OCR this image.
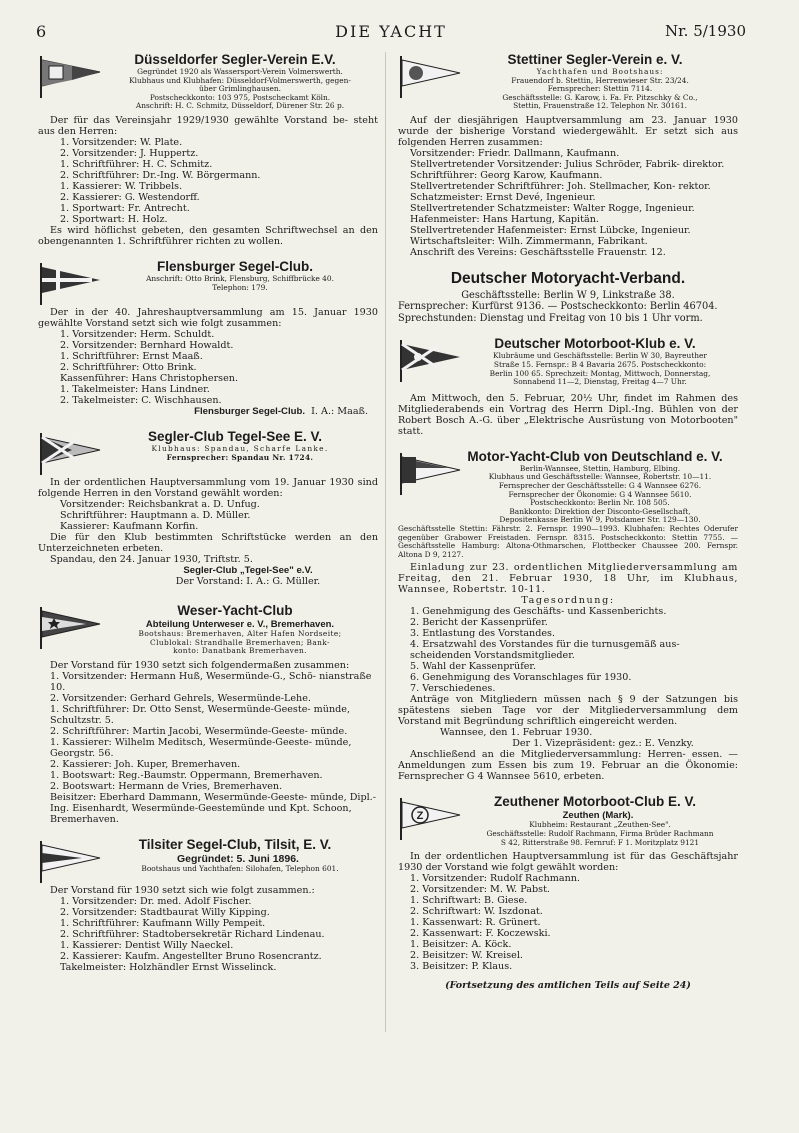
6	DIE YACHT	Nr. 5/1930
Düsseldorfer Segler-Verein E.V.
Gegründet 1920 als Wassersport-Verein Volmerswerth.
Klubhaus und Klubhafen: Düsseldorf-Volmerswerth, gegen-
über Grimlinghausen.
Postscheckkonto: 103 975, Postscheckamt Köln.
Anschrift: H. C. Schmitz, Düsseldorf, Dürener Str. 26 p.
Der für das Vereinsjahr 1929/1930 gewählte Vorstand be- steht aus den Herren:
1. Vorsitzender: W. Plate.
2. Vorsitzender: J. Huppertz.
1. Schriftführer: H. C. Schmitz.
2. Schriftführer: Dr.-Ing. W. Börgermann.
1. Kassierer: W. Tribbels.
2. Kassierer: G. Westendorff.
1. Sportwart: Fr. Antrecht.
2. Sportwart: H. Holz.
Es wird höflichst gebeten, den gesamten Schriftwechsel an den obengenannten 1. Schriftführer richten zu wollen.
Flensburger Segel-Club.
Anschrift: Otto Brink, Flensburg, Schiffbrücke 40.
Telephon: 179.
Der in der 40. Jahreshauptversammlung am 15. Januar 1930 gewählte Vorstand setzt sich wie folgt zusammen:
1. Vorsitzender: Herm. Schuldt.
2. Vorsitzender: Bernhard Howaldt.
1. Schriftführer: Ernst Maaß.
2. Schriftführer: Otto Brink.
Kassenführer: Hans Christophersen.
1. Takelmeister: Hans Lindner.
2. Takelmeister: C. Wischhausen.
Flensburger Segel-Club. I. A.: Maaß.
Segler-Club Tegel-See E. V.
Klubhaus: Spandau, Scharfe Lanke.
Fernsprecher: Spandau Nr. 1724.
In der ordentlichen Hauptversammlung vom 19. Januar 1930 sind folgende Herren in den Vorstand gewählt worden:
Vorsitzender: Reichsbankrat a. D. Unfug.
Schriftführer: Hauptmann a. D. Müller.
Kassierer: Kaufmann Korfin.
Die für den Klub bestimmten Schriftstücke werden an den Unterzeichneten erbeten.
Spandau, den 24. Januar 1930, Triftstr. 5.
Segler-Club „Tegel-See" e.V.
Der Vorstand: I. A.: G. Müller.
Weser-Yacht-Club
Abteilung Unterweser e. V., Bremerhaven.
Bootshaus: Bremerhaven, Alter Hafen Nordseite;
Clublokal: Strandhalle Bremerhaven; Bank-
konto: Danatbank Bremerhaven.
Der Vorstand für 1930 setzt sich folgendermaßen zusammen:
1. Vorsitzender: Hermann Huß, Wesermünde-G., Schö- nianstraße 10.
2. Vorsitzender: Gerhard Gehrels, Wesermünde-Lehe.
1. Schriftführer: Dr. Otto Senst, Wesermünde-Geeste- münde, Schultzstr. 5.
2. Schriftführer: Martin Jacobi, Wesermünde-Geeste- münde.
1. Kassierer: Wilhelm Meditsch, Wesermünde-Geeste- münde, Georgstr. 56.
2. Kassierer: Joh. Kuper, Bremerhaven.
1. Bootswart: Reg.-Baumstr. Oppermann, Bremerhaven.
2. Bootswart: Hermann de Vries, Bremerhaven.
Beisitzer: Eberhard Dammann, Wesermünde-Geeste- münde, Dipl.-Ing. Eisenhardt, Wesermünde-Geestemünde und Kpt. Schoon, Bremerhaven.
Tilsiter Segel-Club, Tilsit, E. V.
Gegründet: 5. Juni 1896.
Bootshaus und Yachthafen: Silohafen, Telephon 601.
Der Vorstand für 1930 setzt sich wie folgt zusammen.:
1. Vorsitzender: Dr. med. Adolf Fischer.
2. Vorsitzender: Stadtbaurat Willy Kipping.
1. Schriftführer: Kaufmann Willy Pempeit.
2. Schriftführer: Stadtobersekretär Richard Lindenau.
1. Kassierer: Dentist Willy Naeckel.
2. Kassierer: Kaufm. Angestellter Bruno Rosencrantz.
Takelmeister: Holzhändler Ernst Wisselinck.
Stettiner Segler-Verein e. V.
Yachthafen und Bootshaus:
Frauendorf b. Stettin, Herrenwieser Str. 23/24.
Fernsprecher: Stettin 7114.
Geschäftsstelle: G. Karow, i. Fa. Fr. Pitzschky & Co.,
Stettin, Frauenstraße 12. Telephon Nr. 30161.
Auf der diesjährigen Hauptversammlung am 23. Januar 1930 wurde der bisherige Vorstand wiedergewählt. Er setzt sich aus folgenden Herren zusammen:
Vorsitzender: Friedr. Dallmann, Kaufmann.
Stellvertretender Vorsitzender: Julius Schröder, Fabrik- direktor.
Schriftführer: Georg Karow, Kaufmann.
Stellvertretender Schriftführer: Joh. Stellmacher, Kon- rektor.
Schatzmeister: Ernst Devé, Ingenieur.
Stellvertretender Schatzmeister: Walter Rogge, Ingenieur.
Hafenmeister: Hans Hartung, Kapitän.
Stellvertretender Hafenmeister: Ernst Lübcke, Ingenieur.
Wirtschaftsleiter: Wilh. Zimmermann, Fabrikant.
Anschrift des Vereins: Geschäftsstelle Frauenstr. 12.
Deutscher Motoryacht-Verband.
Geschäftsstelle: Berlin W 9, Linkstraße 38.
Fernsprecher: Kurfürst 9136. — Postscheckkonto: Berlin 46704.
Sprechstunden: Dienstag und Freitag von 10 bis 1 Uhr vorm.
Deutscher Motorboot-Klub e. V.
Klubräume und Geschäftsstelle: Berlin W 30, Bayreuther
Straße 15. Fernspr.: B 4 Bavaria 2675. Postscheckkonto:
Berlin 100 65. Sprechzeit: Montag, Mittwoch, Donnerstag,
Sonnabend 11—2, Dienstag, Freitag 4—7 Uhr.
Am Mittwoch, den 5. Februar, 20½ Uhr, findet im Rahmen des Mitgliederabends ein Vortrag des Herrn Dipl.-Ing. Bühlen von der Robert Bosch A.-G. über „Elektrische Ausrüstung von Motorbooten" statt.
Motor-Yacht-Club von Deutschland e. V.
Berlin-Wannsee, Stettin, Hamburg, Elbing.
Klubhaus und Geschäftsstelle: Wannsee, Robertstr. 10—11.
Fernsprecher der Geschäftsstelle: G 4 Wannsee 6276.
Fernsprecher der Ökonomie: G 4 Wannsee 5610.
Postscheckkonto: Berlin Nr. 108 505.
Bankkonto: Direktion der Disconto-Gesellschaft,
Depositenkasse Berlin W 9, Potsdamer Str. 129—130.
Geschäftsstelle Stettin: Fährstr. 2. Fernspr. 1990—1993. Klubhafen: Rechtes Oderufer gegenüber Grabower Freistaden. Fernspr. 8315. Postscheckkonto: Stettin 7755. — Geschäftsstelle Hamburg: Altona-Othmarschen, Flottbecker Chaussee 200. Fernspr. Altona D 9, 2127.
Einladung zur 23. ordentlichen Mitgliederversammlung am Freitag, den 21. Februar 1930, 18 Uhr, im Klubhaus, Wannsee, Robertstr. 10-11.
Tagesordnung:
1. Genehmigung des Geschäfts- und Kassenberichts.
2. Bericht der Kassenprüfer.
3. Entlastung des Vorstandes.
4. Ersatzwahl des Vorstandes für die turnusgemäß aus- scheidenden Vorstandsmitglieder.
5. Wahl der Kassenprüfer.
6. Genehmigung des Voranschlages für 1930.
7. Verschiedenes.
Anträge von Mitgliedern müssen nach § 9 der Satzungen bis spätestens sieben Tage vor der Mitgliederversammlung dem Vorstand mit Begründung schriftlich eingereicht werden.
Wannsee, den 1. Februar 1930.
Der 1. Vizepräsident: gez.: E. Venzky.
Anschließend an die Mitgliederversammlung: Herren- essen. — Anmeldungen zum Essen bis zum 19. Februar an die Ökonomie: Fernsprecher G 4 Wannsee 5610, erbeten.
Z
Zeuthener Motorboot-Club E. V.
Zeuthen (Mark).
Klubheim: Restaurant „Zeuthen-See".
Geschäftsstelle: Rudolf Rachmann, Firma Brüder Rachmann
S 42, Ritterstraße 98. Fernruf: F 1. Moritzplatz 9121
In der ordentlichen Hauptversammlung ist für das Geschäftsjahr 1930 der Vorstand wie folgt gewählt worden:
1. Vorsitzender: Rudolf Rachmann.
2. Vorsitzender: M. W. Pabst.
1. Schriftwart: B. Giese.
2. Schriftwart: W. Iszdonat.
1. Kassenwart: R. Grünert.
2. Kassenwart: F. Koczewski.
1. Beisitzer: A. Köck.
2. Beisitzer: W. Kreisel.
3. Beisitzer: P. Klaus.
(Fortsetzung des amtlichen Teils auf Seite 24)
